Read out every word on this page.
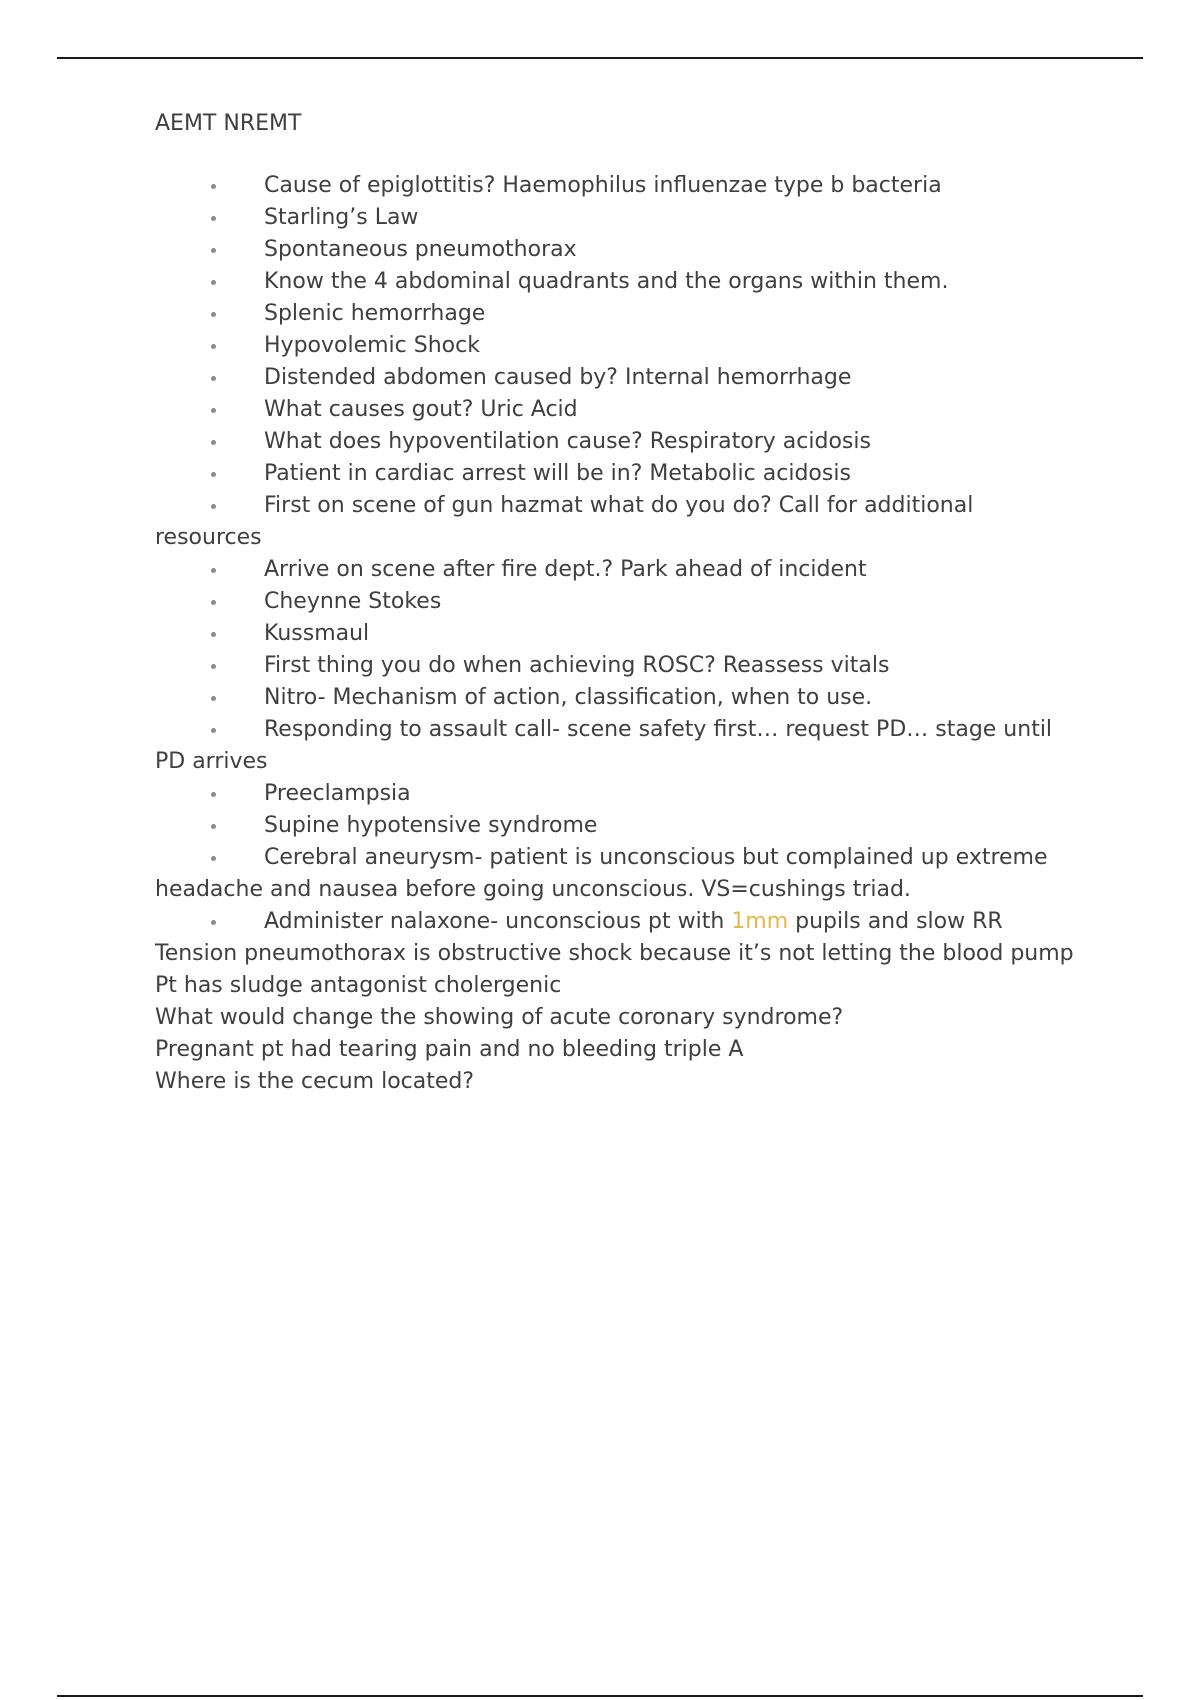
AEMT NREMT
Cause of epiglottitis? Haemophilus influenzae type b bacteria
Starling’s Law
Spontaneous pneumothorax
Know the 4 abdominal quadrants and the organs within them.
Splenic hemorrhage
Hypovolemic Shock
Distended abdomen caused by? Internal hemorrhage
What causes gout? Uric Acid
What does hypoventilation cause? Respiratory acidosis
Patient in cardiac arrest will be in? Metabolic acidosis
First on scene of gun hazmat what do you do? Call for additional resources
Arrive on scene after fire dept.? Park ahead of incident
Cheynne Stokes
Kussmaul
First thing you do when achieving ROSC? Reassess vitals
Nitro- Mechanism of action, classification, when to use.
Responding to assault call- scene safety first… request PD… stage until PD arrives
Preeclampsia
Supine hypotensive syndrome
Cerebral aneurysm- patient is unconscious but complained up extreme headache and nausea before going unconscious. VS=cushings triad.
Administer nalaxone- unconscious pt with 1mm pupils and slow RR

Tension pneumothorax is obstructive shock because it’s not letting the blood pump

Pt has sludge antagonist cholergenic

What would change the showing of acute coronary syndrome?

Pregnant pt had tearing pain and no bleeding triple A

Where is the cecum located?
